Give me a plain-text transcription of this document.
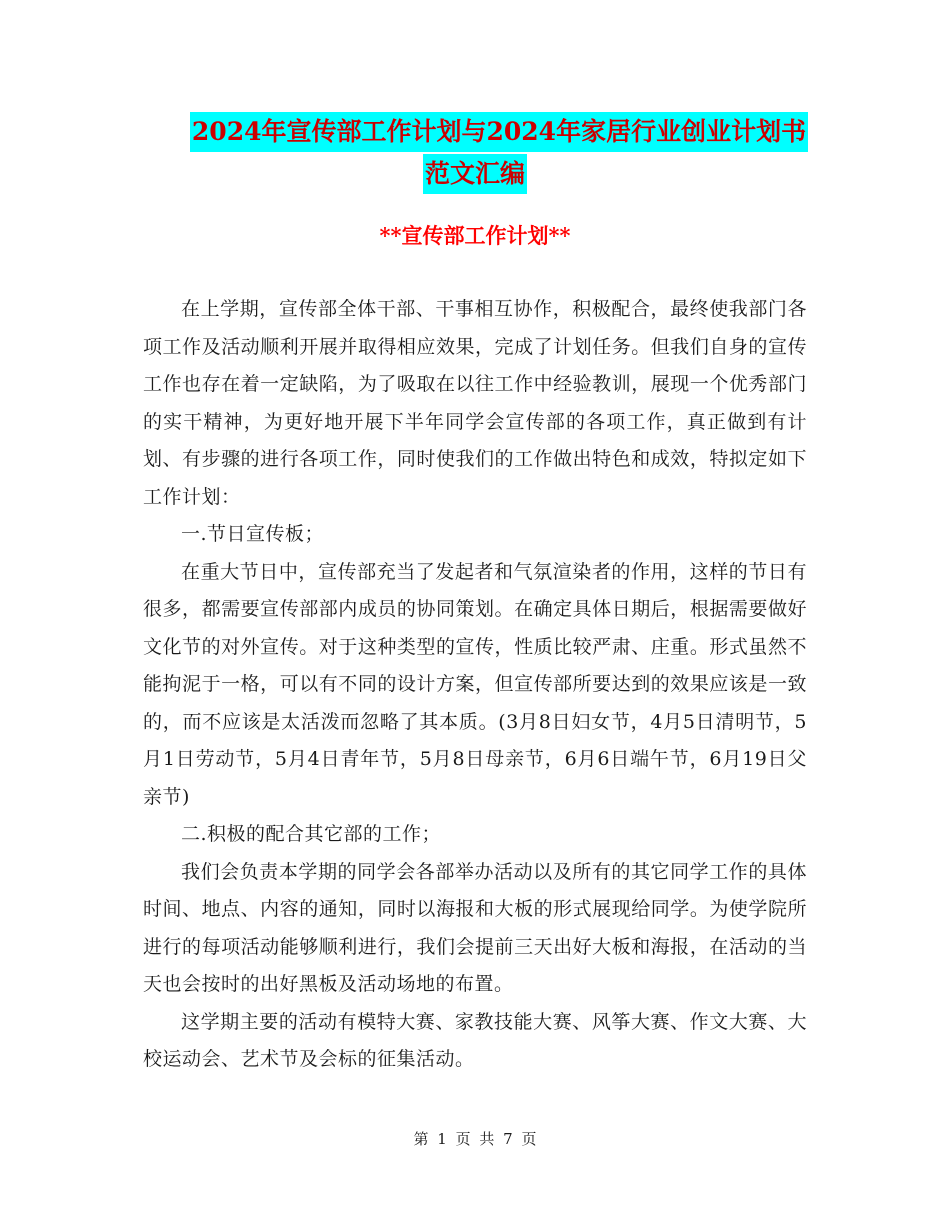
2024年宣传部工作计划与2024年家居行业创业计划书
范文汇编
**宣传部工作计划**

在上学期，宣传部全体干部、干事相互协作，积极配合，最终使我部门各项工作及活动顺利开展并取得相应效果，完成了计划任务。但我们自身的宣传工作也存在着一定缺陷，为了吸取在以往工作中经验教训，展现一个优秀部门的实干精神，为更好地开展下半年同学会宣传部的各项工作，真正做到有计划、有步骤的进行各项工作，同时使我们的工作做出特色和成效，特拟定如下工作计划：

一.节日宣传板；

在重大节日中，宣传部充当了发起者和气氛渲染者的作用，这样的节日有很多，都需要宣传部部内成员的协同策划。在确定具体日期后，根据需要做好文化节的对外宣传。对于这种类型的宣传，性质比较严肃、庄重。形式虽然不能拘泥于一格，可以有不同的设计方案，但宣传部所要达到的效果应该是一致的，而不应该是太活泼而忽略了其本质。(3月8日妇女节，4月5日清明节，5月1日劳动节，5月4日青年节，5月8日母亲节，6月6日端午节，6月19日父亲节)

二.积极的配合其它部的工作；

我们会负责本学期的同学会各部举办活动以及所有的其它同学工作的具体时间、地点、内容的通知，同时以海报和大板的形式展现给同学。为使学院所进行的每项活动能够顺利进行，我们会提前三天出好大板和海报，在活动的当天也会按时的出好黑板及活动场地的布置。

这学期主要的活动有模特大赛、家教技能大赛、风筝大赛、作文大赛、大校运动会、艺术节及会标的征集活动。

第 1 页 共 7 页
